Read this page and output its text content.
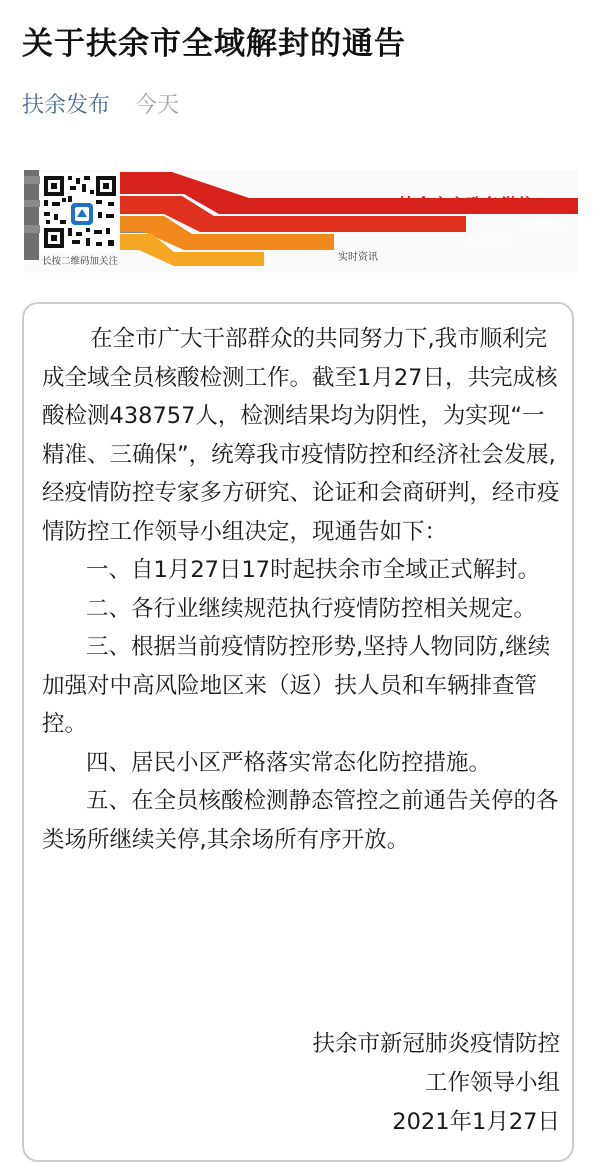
关于扶余市全域解封的通告
扶余发布 今天
长按二维码加关注
扶余官方政务微信
权威发布
时政热点
实时资讯

在全市广大干部群众的共同努力下,我市顺利完成全域全员核酸检测工作。截至1月27日，共完成核酸检测438757人，检测结果均为阴性，为实现“一精准、三确保”，统筹我市疫情防控和经济社会发展,经疫情防控专家多方研究、论证和会商研判，经市疫情防控工作领导小组决定，现通告如下：

一、自1月27日17时起扶余市全域正式解封。

二、各行业继续规范执行疫情防控相关规定。

三、根据当前疫情防控形势,坚持人物同防,继续加强对中高风险地区来（返）扶人员和车辆排查管控。

四、居民小区严格落实常态化防控措施。

五、在全员核酸检测静态管控之前通告关停的各类场所继续关停,其余场所有序开放。

扶余市新冠肺炎疫情防控
工作领导小组
2021年1月27日
